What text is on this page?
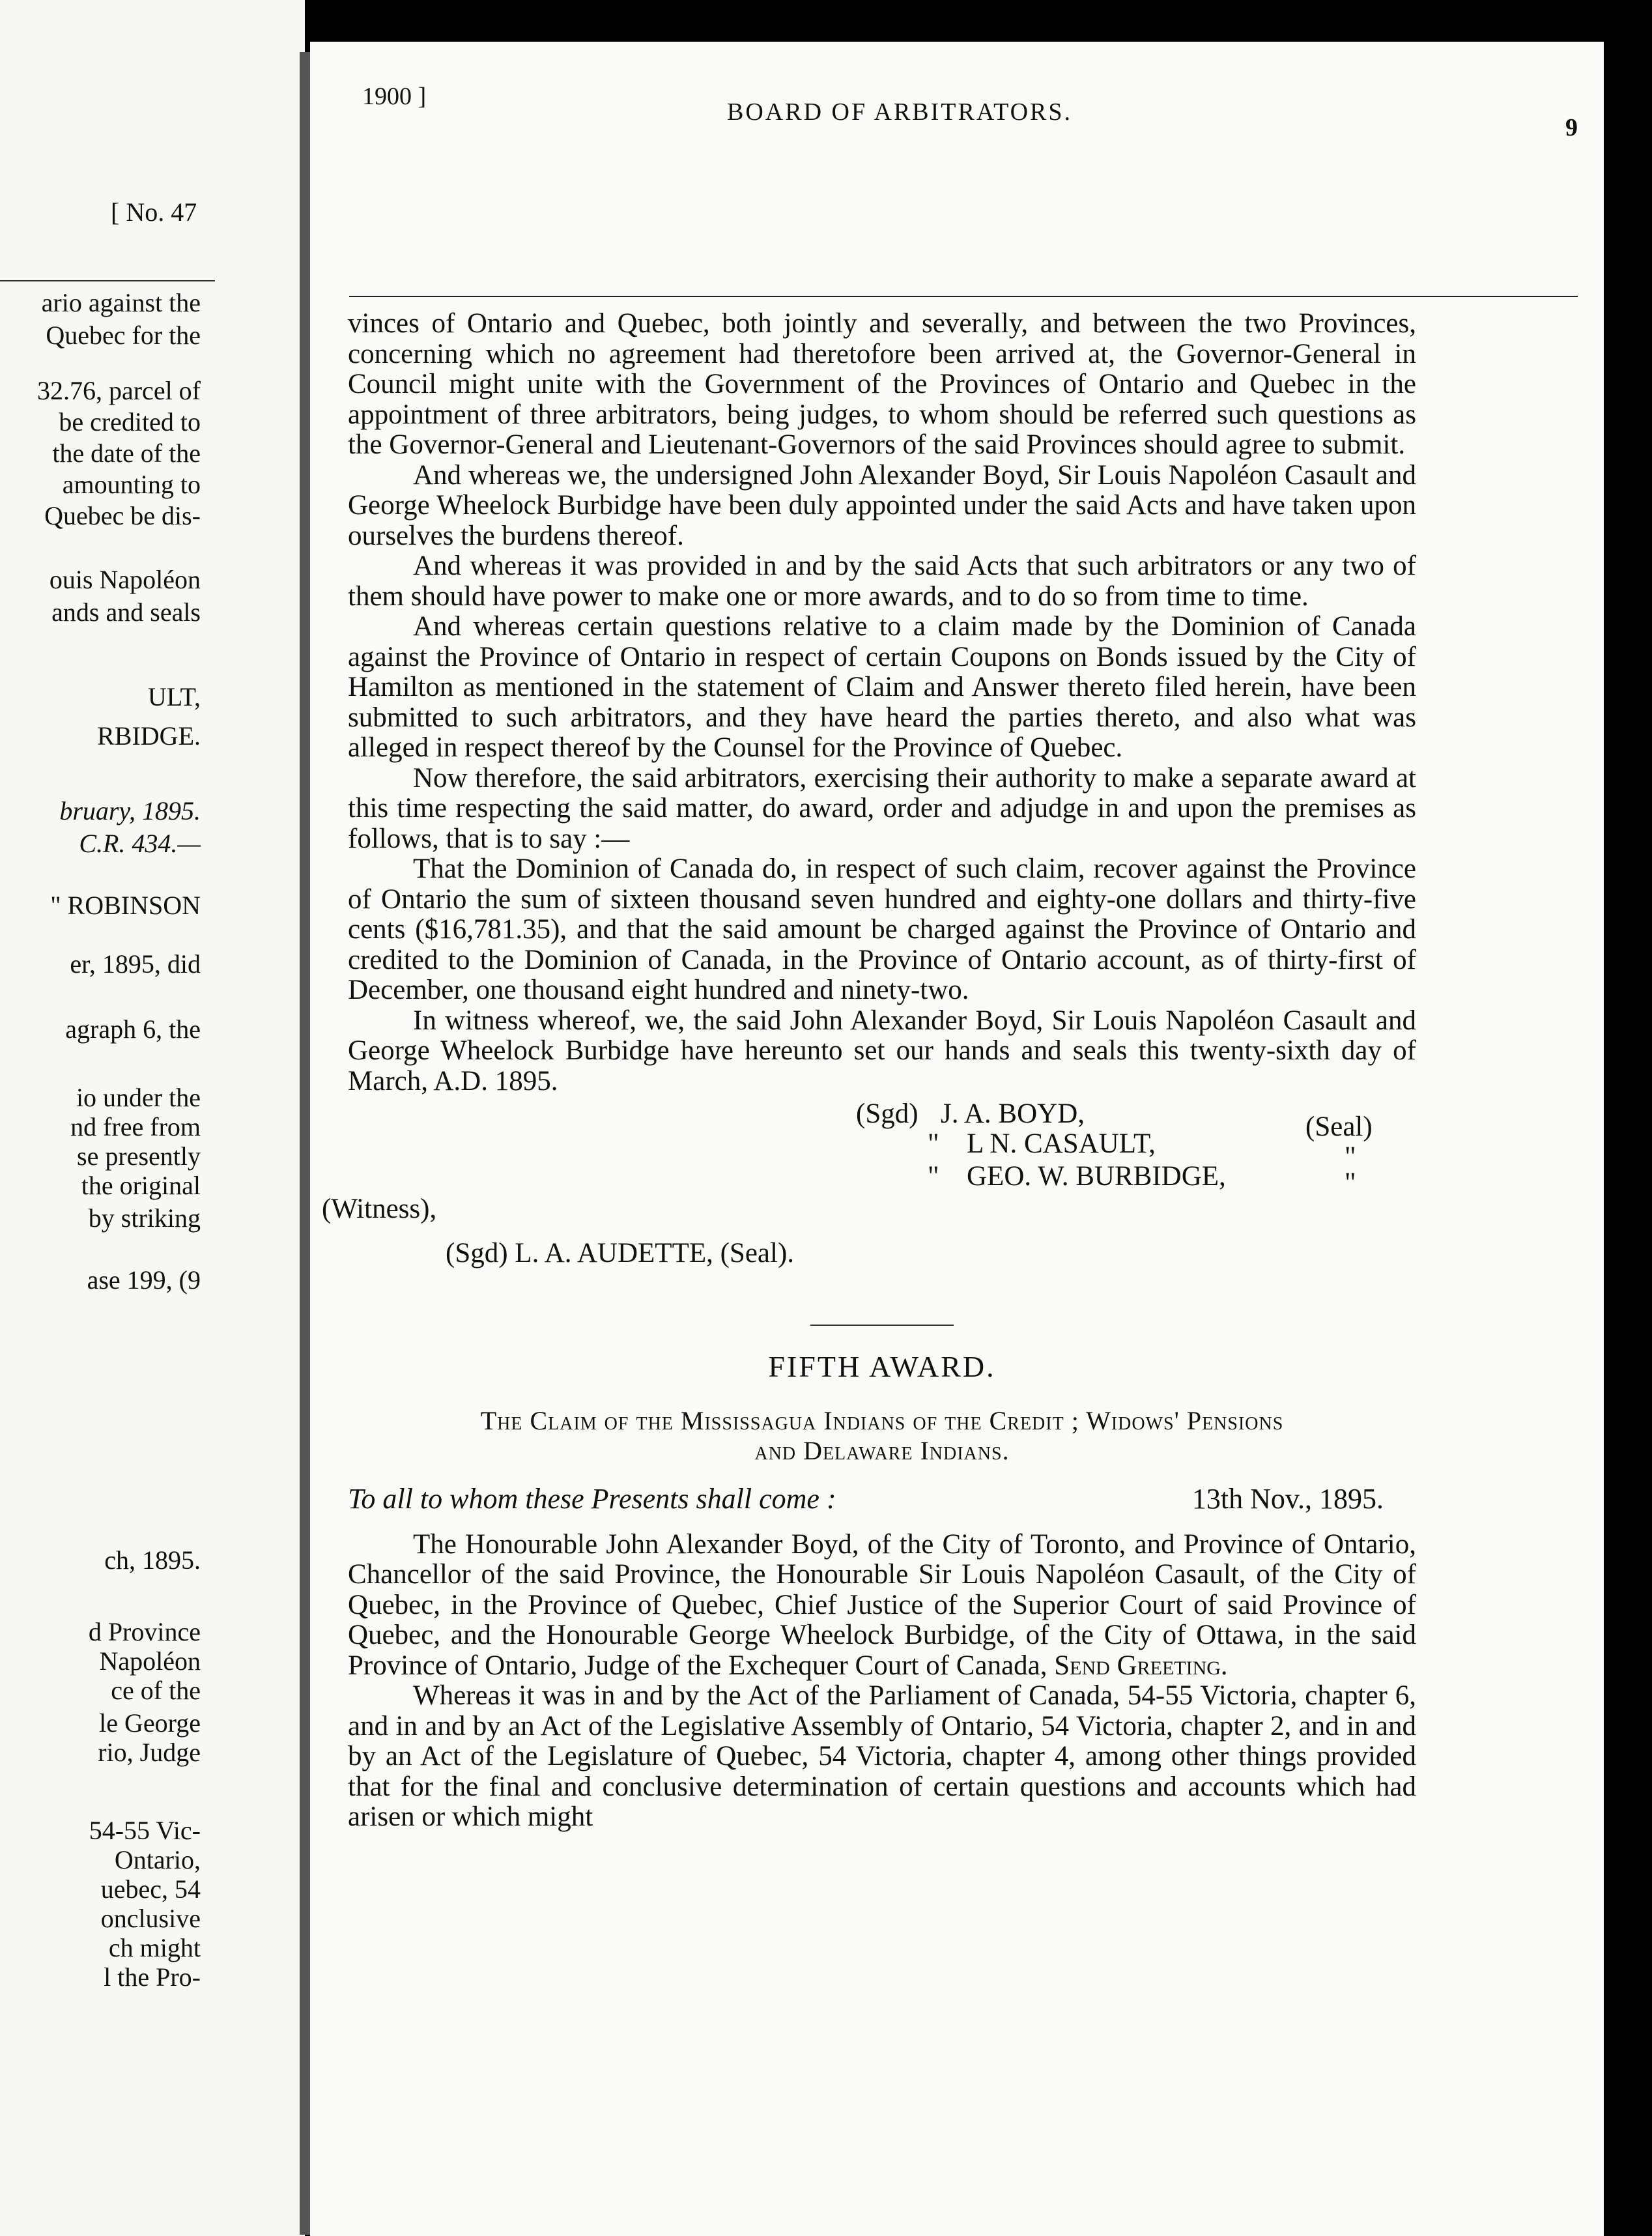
[ No. 47
ario against the
Quebec for the
32.76, parcel of
be credited to
the date of the
amounting to
Quebec be dis-
ouis Napoléon
ands and seals
ULT,
RBIDGE.
bruary, 1895.
C.R. 434.—
" ROBINSON
er, 1895, did
agraph 6, the
io under the
nd free from
se presently
the original
by striking
ase 199, (9
ch, 1895.
d Province
Napoléon
ce of the
le George
rio, Judge
54-55 Vic-
Ontario,
uebec, 54
onclusive
ch might
l the Pro-
1900 ]
BOARD OF ARBITRATORS.
9

vinces of Ontario and Quebec, both jointly and severally, and between the two Provinces, concerning which no agreement had theretofore been arrived at, the Governor-General in Council might unite with the Government of the Provinces of Ontario and Quebec in the appointment of three arbitrators, being judges, to whom should be referred such questions as the Governor-General and Lieutenant-Governors of the said Provinces should agree to submit.

And whereas we, the undersigned John Alexander Boyd, Sir Louis Napoléon Casault and George Wheelock Burbidge have been duly appointed under the said Acts and have taken upon ourselves the burdens thereof.

And whereas it was provided in and by the said Acts that such arbitrators or any two of them should have power to make one or more awards, and to do so from time to time.

And whereas certain questions relative to a claim made by the Dominion of Canada against the Province of Ontario in respect of certain Coupons on Bonds issued by the City of Hamilton as mentioned in the statement of Claim and Answer thereto filed herein, have been submitted to such arbitrators, and they have heard the parties thereto, and also what was alleged in respect thereof by the Counsel for the Province of Quebec.

Now therefore, the said arbitrators, exercising their authority to make a separate award at this time respecting the said matter, do award, order and adjudge in and upon the premises as follows, that is to say :—

That the Dominion of Canada do, in respect of such claim, recover against the Province of Ontario the sum of sixteen thousand seven hundred and eighty-one dollars and thirty-five cents ($16,781.35), and that the said amount be charged against the Province of Ontario and credited to the Dominion of Canada, in the Province of Ontario account, as of thirty-first of December, one thousand eight hundred and ninety-two.

In witness whereof, we, the said John Alexander Boyd, Sir Louis Napoléon Casault and George Wheelock Burbidge have hereunto set our hands and seals this twenty-sixth day of March, A.D. 1895.

(Sgd) J. A. BOYD,	(Seal)
" L N. CASAULT,	"
" GEO. W. BURBIDGE,	"
(Witness),
(Sgd) L. A. AUDETTE, (Seal).
FIFTH AWARD.
The Claim of the Mississagua Indians of the Credit ; Widows' Pensions
and Delaware Indians.
To all to whom these Presents shall come :	13th Nov., 1895.

The Honourable John Alexander Boyd, of the City of Toronto, and Province of Ontario, Chancellor of the said Province, the Honourable Sir Louis Napoléon Casault, of the City of Quebec, in the Province of Quebec, Chief Justice of the Superior Court of said Province of Quebec, and the Honourable George Wheelock Burbidge, of the City of Ottawa, in the said Province of Ontario, Judge of the Exchequer Court of Canada, Send Greeting.

Whereas it was in and by the Act of the Parliament of Canada, 54-55 Victoria, chapter 6, and in and by an Act of the Legislative Assembly of Ontario, 54 Victoria, chapter 2, and in and by an Act of the Legislature of Quebec, 54 Victoria, chapter 4, among other things provided that for the final and conclusive determination of certain questions and accounts which had arisen or which might
